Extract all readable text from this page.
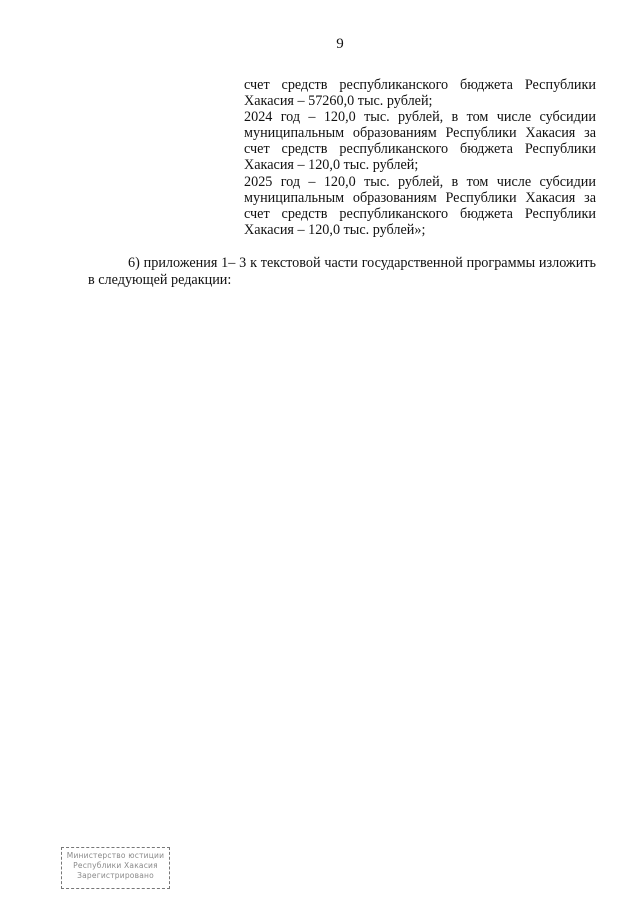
9

счет средств республиканского бюджета Республики Хакасия – 57260,0 тыс. рублей;

2024 год – 120,0 тыс. рублей, в том числе субсидии муниципальным образованиям Республики Хакасия за счет средств республиканского бюджета Республики Хакасия – 120,0 тыс. рублей;

2025 год – 120,0 тыс. рублей, в том числе субсидии муниципальным образованиям Республики Хакасия за счет средств республиканского бюджета Республики Хакасия – 120,0 тыс. рублей»;

6) приложения 1– 3 к текстовой части государственной программы изложить в следующей редакции:

Министерство юстиции
Республики Хакасия
Зарегистрировано
